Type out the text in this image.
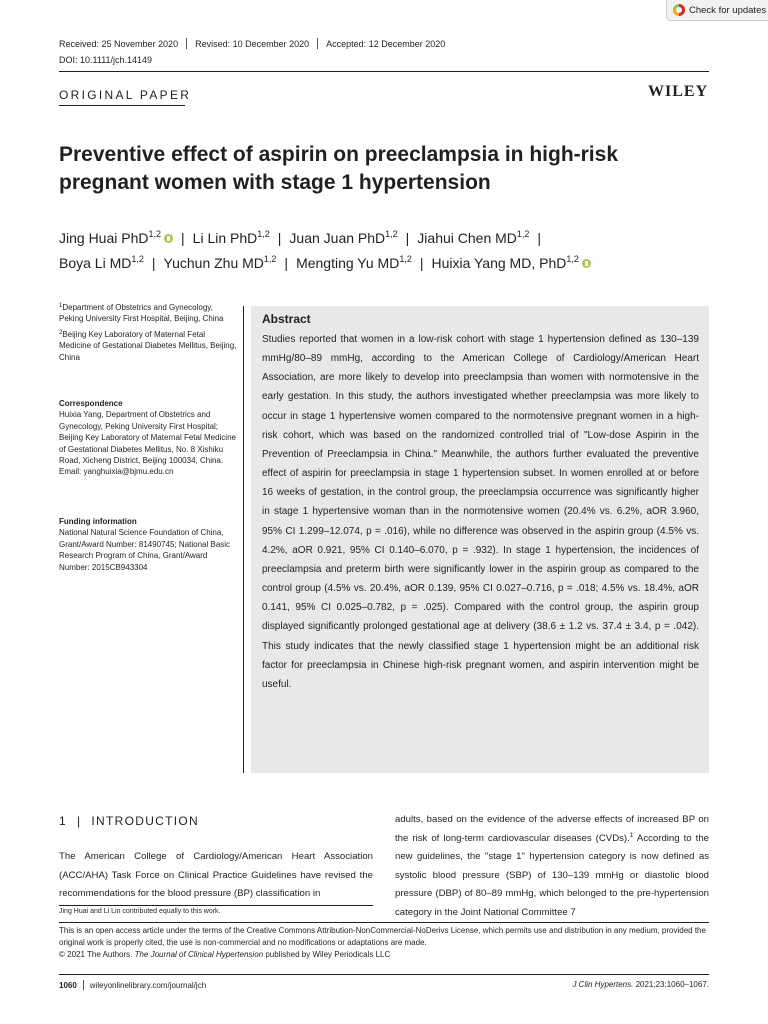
Check for updates
Received: 25 November 2020 Revised: 10 December 2020 Accepted: 12 December 2020
DOI: 10.1111/jch.14149
ORIGINAL PAPER	WILEY
Preventive effect of aspirin on preeclampsia in high-risk
pregnant women with stage 1 hypertension
Jing Huai PhD$^{1,2}$ | Li Lin PhD$^{1,2}$ | Juan Juan PhD$^{1,2}$ | Jiahui Chen MD$^{1,2}$ |
Boya Li MD$^{1,2}$ | Yuchun Zhu MD$^{1,2}$ | Mengting Yu MD$^{1,2}$ | Huixia Yang MD, PhD$^{1,2}$

$^1$Department of Obstetrics and Gynecology, Peking University First Hospital, Beijing, China

$^2$Beijing Key Laboratory of Maternal Fetal Medicine of Gestational Diabetes Mellitus, Beijing, China

Correspondence

Huixia Yang, Department of Obstetrics and Gynecology, Peking University First Hospital; Beijing Key Laboratory of Maternal Fetal Medicine of Gestational Diabetes Mellitus, No. 8 Xishiku Road, Xicheng District, Beijing 100034, China.

Email: yanghuixia@bjmu.edu.cn

Funding information

National Natural Science Foundation of China, Grant/Award Number: 81490745; National Basic Research Program of China, Grant/Award Number: 2015CB943304

Abstract
Studies reported that women in a low-risk cohort with stage 1 hypertension defined as 130–139 mmHg/80–89 mmHg, according to the American College of Cardiology/American Heart Association, are more likely to develop into preeclampsia than women with normotensive in the early gestation. In this study, the authors investigated whether preeclampsia was more likely to occur in stage 1 hypertensive women compared to the normotensive pregnant women in a high-risk cohort, which was based on the randomized controlled trial of "Low-dose Aspirin in the Prevention of Preeclampsia in China." Meanwhile, the authors further evaluated the preventive effect of aspirin for preeclampsia in stage 1 hypertension subset. In women enrolled at or before 16 weeks of gestation, in the control group, the preeclampsia occurrence was significantly higher in stage 1 hypertensive woman than in the normotensive women (20.4% vs. 6.2%, aOR 3.960, 95% CI 1.299–12.074, p = .016), while no difference was observed in the aspirin group (4.5% vs. 4.2%, aOR 0.921, 95% CI 0.140–6.070, p = .932). In stage 1 hypertension, the incidences of preeclampsia and preterm birth were significantly lower in the aspirin group as compared to the control group (4.5% vs. 20.4%, aOR 0.139, 95% CI 0.027–0.716, p = .018; 4.5% vs. 18.4%, aOR 0.141, 95% CI 0.025–0.782, p = .025). Compared with the control group, the aspirin group displayed significantly prolonged gestational age at delivery (38.6 ± 1.2 vs. 37.4 ± 3.4, p = .042). This study indicates that the newly classified stage 1 hypertension might be an additional risk factor for preeclampsia in Chinese high-risk pregnant women, and aspirin intervention might be useful.
1 | INTRODUCTION
The American College of Cardiology/American Heart Association (ACC/AHA) Task Force on Clinical Practice Guidelines have revised the recommendations for the blood pressure (BP) classification in
adults, based on the evidence of the adverse effects of increased BP on the risk of long-term cardiovascular diseases (CVDs).$^1$ According to the new guidelines, the "stage 1" hypertension category is now defined as systolic blood pressure (SBP) of 130–139 mmHg or diastolic blood pressure (DBP) of 80–89 mmHg, which belonged to the pre-hypertension category in the Joint National Committee 7
Jing Huai and Li Lin contributed equally to this work.
This is an open access article under the terms of the Creative Commons Attribution-NonCommercial-NoDerivs License, which permits use and distribution in any medium, provided the original work is properly cited, the use is non-commercial and no modifications or adaptations are made.
© 2021 The Authors. The Journal of Clinical Hypertension published by Wiley Periodicals LLC
1060 wileyonlinelibrary.com/journal/jch	J Clin Hypertens. 2021;23:1060–1067.
